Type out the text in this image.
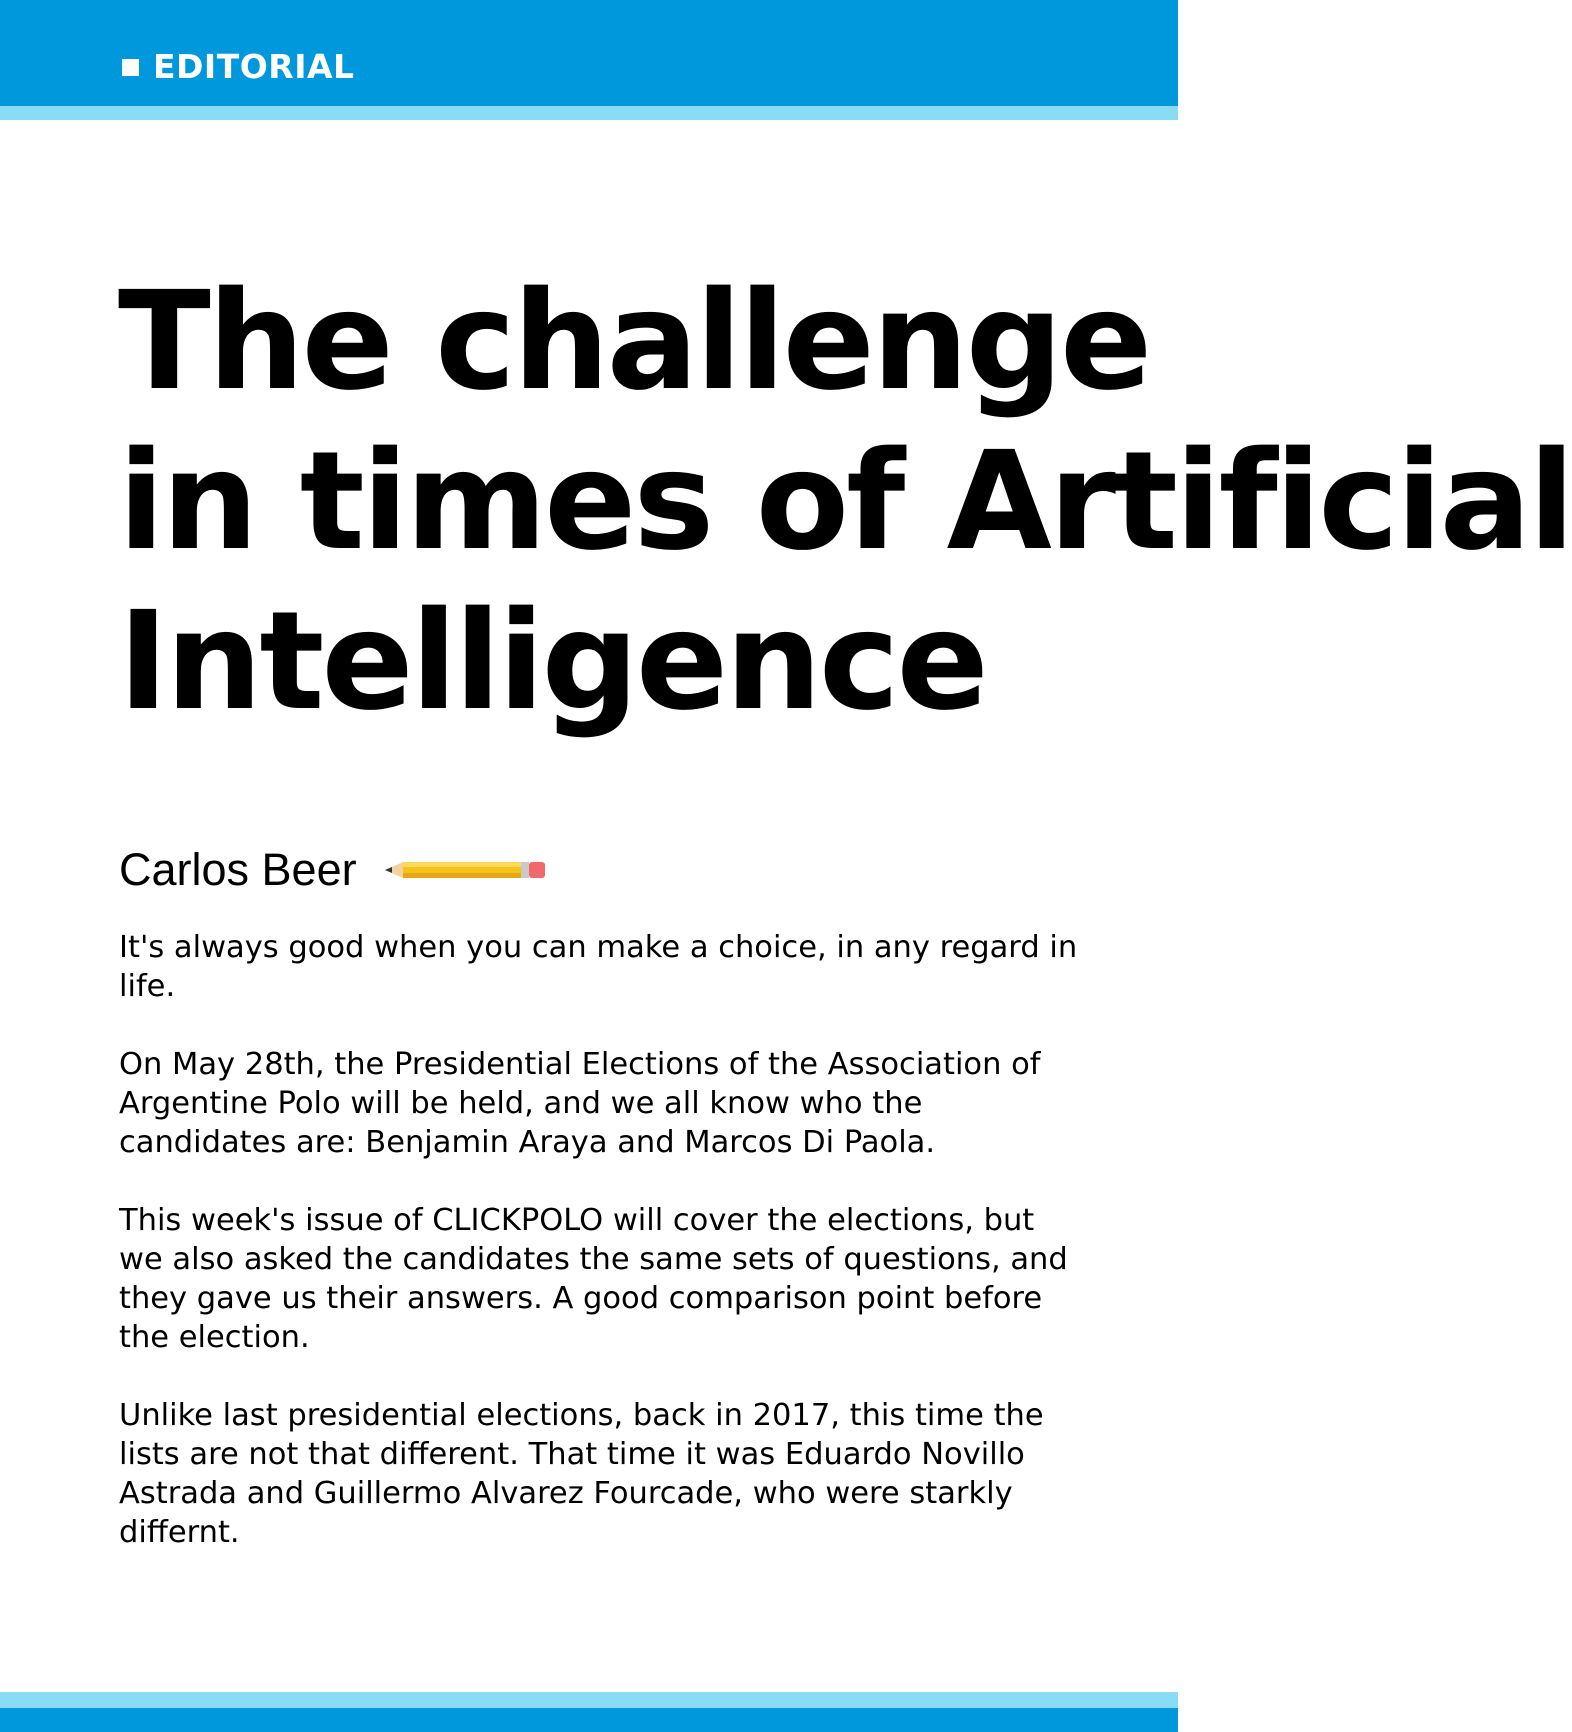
EDITORIAL
The challenge
in times of Artificial
Intelligence
Carlos Beer

It's always good when you can make a choice, in any regard in life.

On May 28th, the Presidential Elections of the Association of Argentine Polo will be held, and we all know who the candidates are: Benjamin Araya and Marcos Di Paola.

This week's issue of CLICKPOLO will cover the elections, but we also asked the candidates the same sets of questions, and they gave us their answers. A good comparison point before the election.

Unlike last presidential elections, back in 2017, this time the lists are not that different. That time it was Eduardo Novillo Astrada and Guillermo Alvarez Fourcade, who were starkly differnt.
